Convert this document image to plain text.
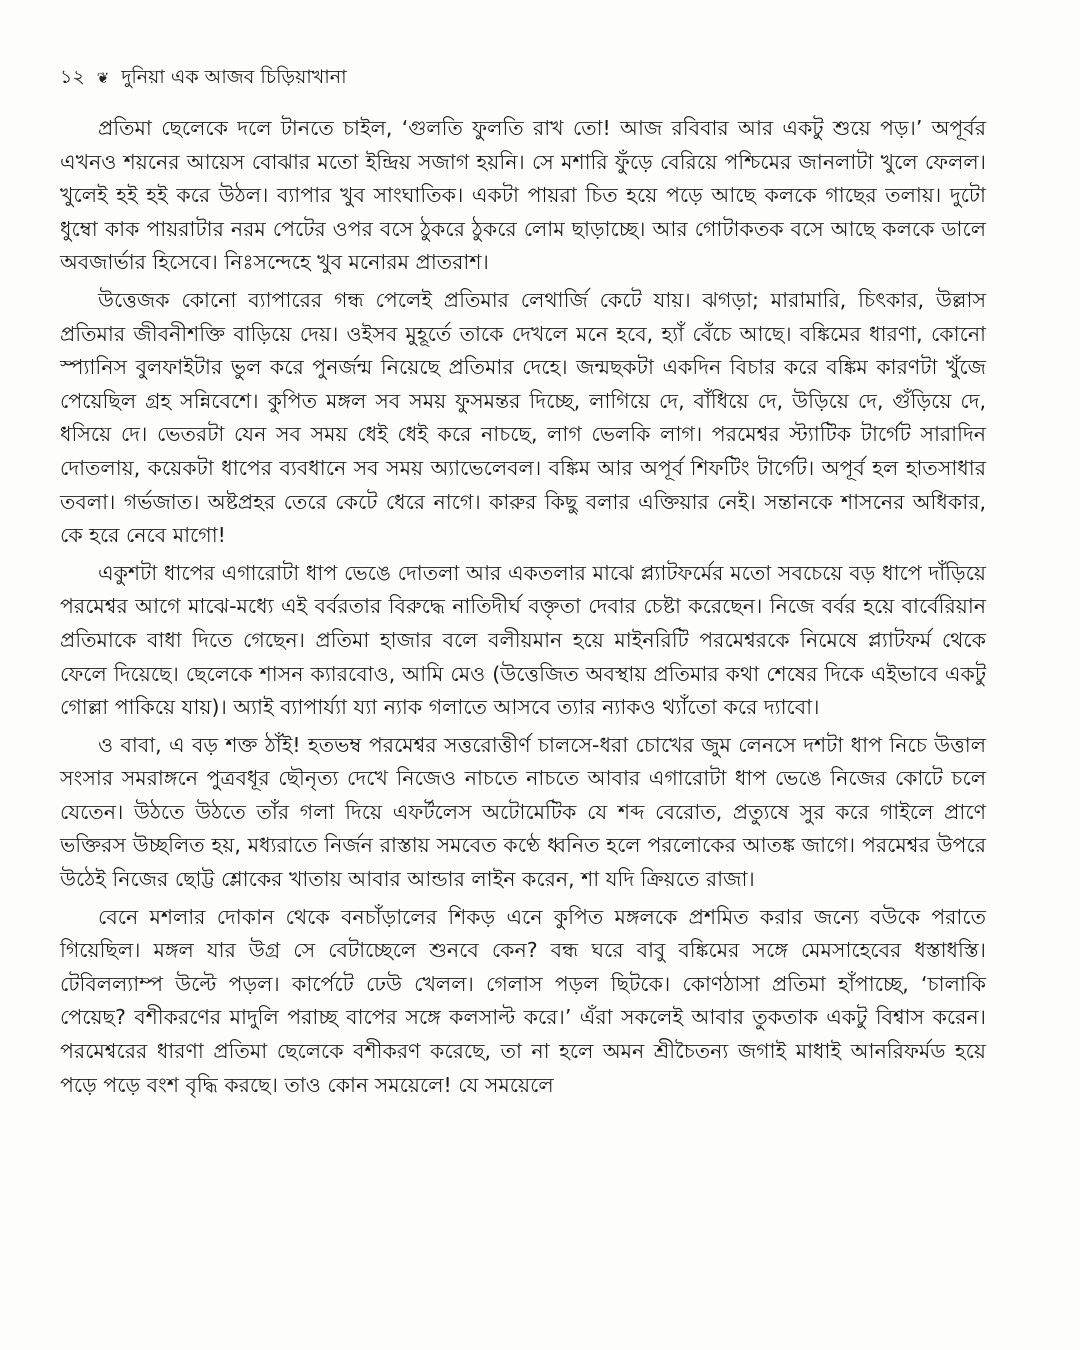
১২ ❦ দুনিয়া এক আজব চিড়িয়াখানা

প্রতিমা ছেলেকে দলে টানতে চাইল, ‘গুলতি ফুলতি রাখ তো! আজ রবিবার আর একটু শুয়ে পড়।’ অপূর্বর এখনও শয়নের আয়েস বোঝার মতো ইন্দ্রিয় সজাগ হয়নি। সে মশারি ফুঁড়ে বেরিয়ে পশ্চিমের জানলাটা খুলে ফেলল। খুলেই হই হই করে উঠল। ব্যাপার খুব সাংঘাতিক। একটা পায়রা চিত হয়ে পড়ে আছে কলকে গাছের তলায়। দুটো ধুম্বো কাক পায়রাটার নরম পেটের ওপর বসে ঠুকরে ঠুকরে লোম ছাড়াচ্ছে। আর গোটাকতক বসে আছে কলকে ডালে অবজার্ভার হিসেবে। নিঃসন্দেহে খুব মনোরম প্রাতরাশ।

উত্তেজক কোনো ব্যাপারের গন্ধ পেলেই প্রতিমার লেথার্জি কেটে যায়। ঝগড়া; মারামারি, চিৎকার, উল্লাস প্রতিমার জীবনীশক্তি বাড়িয়ে দেয়। ওইসব মুহূর্তে তাকে দেখলে মনে হবে, হ্যাঁ বেঁচে আছে। বঙ্কিমের ধারণা, কোনো স্প্যানিস বুলফাইটার ভুল করে পুনর্জন্ম নিয়েছে প্রতিমার দেহে। জন্মছকটা একদিন বিচার করে বঙ্কিম কারণটা খুঁজে পেয়েছিল গ্রহ সন্নিবেশে। কুপিত মঙ্গল সব সময় ফুসমন্তর দিচ্ছে, লাগিয়ে দে, বাঁধিয়ে দে, উড়িয়ে দে, গুঁড়িয়ে দে, ধসিয়ে দে। ভেতরটা যেন সব সময় ধেই ধেই করে নাচছে, লাগ ভেলকি লাগ। পরমেশ্বর স্ট্যাটিক টার্গেট সারাদিন দোতলায়, কয়েকটা ধাপের ব্যবধানে সব সময় অ্যাভেলেবল। বঙ্কিম আর অপূর্ব শিফটিং টার্গেট। অপূর্ব হল হাতসাধার তবলা। গর্ভজাত। অষ্টপ্রহর তেরে কেটে ধেরে নাগে। কারুর কিছু বলার এক্তিয়ার নেই। সন্তানকে শাসনের অধিকার, কে হরে নেবে মাগো!

একুশটা ধাপের এগারোটা ধাপ ভেঙে দোতলা আর একতলার মাঝে প্ল্যাটফর্মের মতো সবচেয়ে বড় ধাপে দাঁড়িয়ে পরমেশ্বর আগে মাঝে-মধ্যে এই বর্বরতার বিরুদ্ধে নাতিদীর্ঘ বক্তৃতা দেবার চেষ্টা করেছেন। নিজে বর্বর হয়ে বার্বেরিয়ান প্রতিমাকে বাধা দিতে গেছেন। প্রতিমা হাজার বলে বলীয়মান হয়ে মাইনরিটি পরমেশ্বরকে নিমেষে প্ল্যাটফর্ম থেকে ফেলে দিয়েছে। ছেলেকে শাসন ক্যারবোও, আমি মেও (উত্তেজিত অবস্থায় প্রতিমার কথা শেষের দিকে এইভাবে একটু গোল্লা পাকিয়ে যায়)। অ্যাই ব্যাপার্য্যা য্যা ন্যাক গলাতে আসবে ত্যার ন্যাকও থ্যাঁতো করে দ্যাবো।

ও বাবা, এ বড় শক্ত ঠাঁই! হতভম্ব পরমেশ্বর সত্তরোত্তীর্ণ চালসে-ধরা চোখের জুম লেনসে দশটা ধাপ নিচে উত্তাল সংসার সমরাঙ্গনে পুত্রবধূর ছৌনৃত্য দেখে নিজেও নাচতে নাচতে আবার এগারোটা ধাপ ভেঙে নিজের কোটে চলে যেতেন। উঠতে উঠতে তাঁর গলা দিয়ে এফর্টলেস অটোমেটিক যে শব্দ বেরোত, প্রত্যুষে সুর করে গাইলে প্রাণে ভক্তিরস উচ্ছলিত হয়, মধ্যরাতে নির্জন রাস্তায় সমবেত কণ্ঠে ধ্বনিত হলে পরলোকের আতঙ্ক জাগে। পরমেশ্বর উপরে উঠেই নিজের ছোট্ট শ্লোকের খাতায় আবার আন্ডার লাইন করেন, শা যদি ক্রিয়তে রাজা।

বেনে মশলার দোকান থেকে বনচাঁড়ালের শিকড় এনে কুপিত মঙ্গলকে প্রশমিত করার জন্যে বউকে পরাতে গিয়েছিল। মঙ্গল যার উগ্র সে বেটাচ্ছেলে শুনবে কেন? বন্ধ ঘরে বাবু বঙ্কিমের সঙ্গে মেমসাহেবের ধস্তাধস্তি। টেবিলল্যাম্প উল্টে পড়ল। কার্পেটে ঢেউ খেলল। গেলাস পড়ল ছিটকে। কোণঠাসা প্রতিমা হাঁপাচ্ছে, ‘চালাকি পেয়েছ? বশীকরণের মাদুলি পরাচ্ছ বাপের সঙ্গে কলসাল্ট করে।’ এঁরা সকলেই আবার তুকতাক একটু বিশ্বাস করেন। পরমেশ্বরের ধারণা প্রতিমা ছেলেকে বশীকরণ করেছে, তা না হলে অমন শ্রীচৈতন্য জগাই মাধাই আনরিফর্মড হয়ে পড়ে পড়ে বংশ বৃদ্ধি করছে। তাও কোন সময়েলে! যে সময়েলে
